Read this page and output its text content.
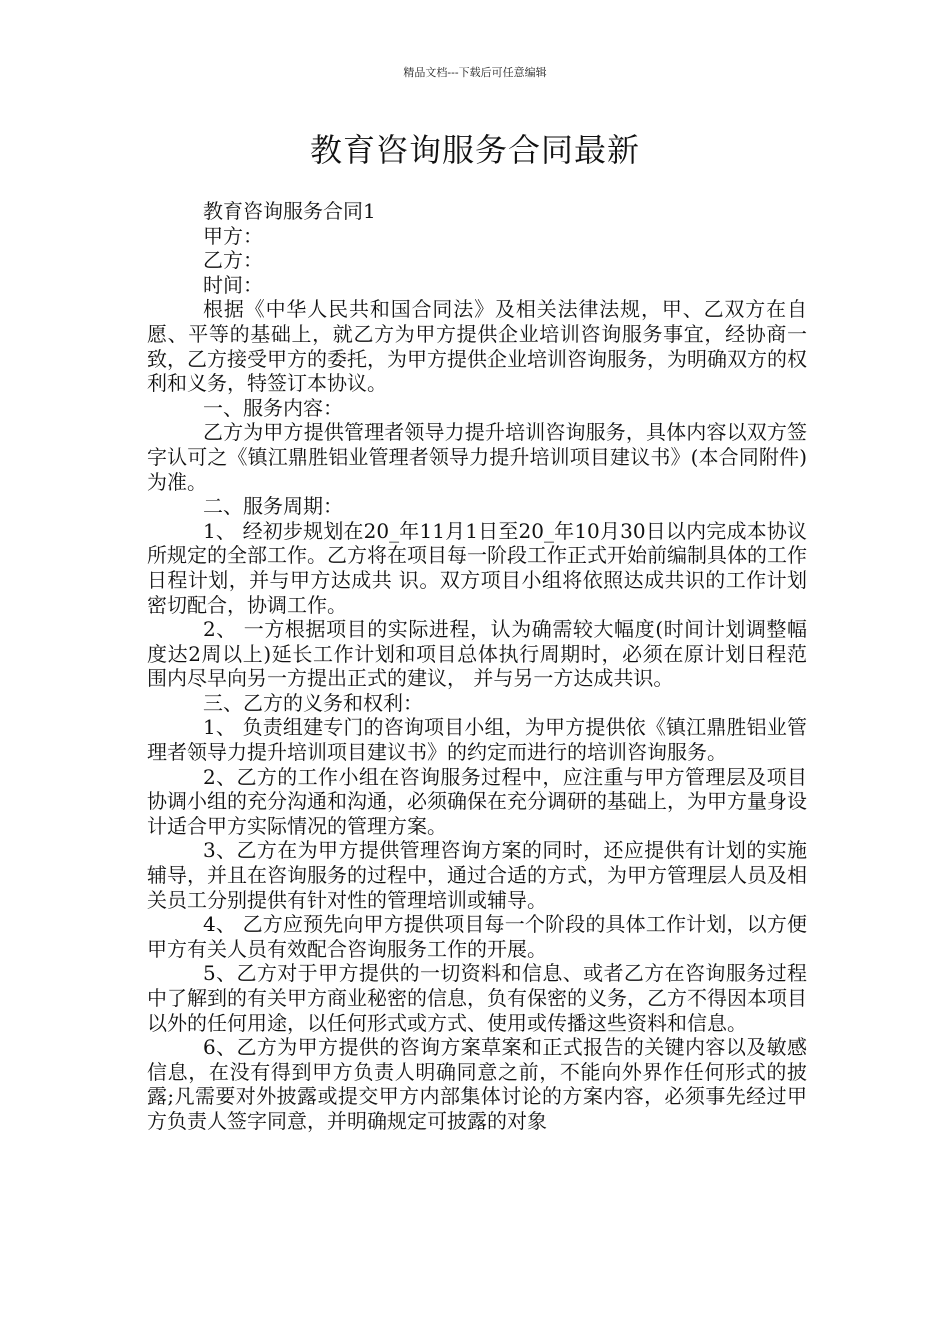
精品文档---下载后可任意编辑
教育咨询服务合同最新

教育咨询服务合同1

甲方：

乙方：

时间：

根据《中华人民共和国合同法》及相关法律法规，甲、乙双方在自愿、平等的基础上，就乙方为甲方提供企业培训咨询服务事宜，经协商一致，乙方接受甲方的委托，为甲方提供企业培训咨询服务，为明确双方的权利和义务，特签订本协议。

一、服务内容：

乙方为甲方提供管理者领导力提升培训咨询服务，具体内容以双方签字认可之《镇江鼎胜铝业管理者领导力提升培训项目建议书》(本合同附件)为准。

二、服务周期：

1、 经初步规划在20_年11月1日至20_年10月30日以内完成本协议所规定的全部工作。乙方将在项目每一阶段工作正式开始前编制具体的工作日程计划，并与甲方达成共 识。双方项目小组将依照达成共识的工作计划密切配合，协调工作。

2、 一方根据项目的实际进程，认为确需较大幅度(时间计划调整幅度达2周以上)延长工作计划和项目总体执行周期时，必须在原计划日程范围内尽早向另一方提出正式的建议， 并与另一方达成共识。

三、乙方的义务和权利：

1、 负责组建专门的咨询项目小组，为甲方提供依《镇江鼎胜铝业管理者领导力提升培训项目建议书》的约定而进行的培训咨询服务。

2、乙方的工作小组在咨询服务过程中，应注重与甲方管理层及项目协调小组的充分沟通和沟通，必须确保在充分调研的基础上，为甲方量身设计适合甲方实际情况的管理方案。

3、乙方在为甲方提供管理咨询方案的同时，还应提供有计划的实施辅导，并且在咨询服务的过程中，通过合适的方式，为甲方管理层人员及相关员工分别提供有针对性的管理培训或辅导。

4、 乙方应预先向甲方提供项目每一个阶段的具体工作计划，以方便甲方有关人员有效配合咨询服务工作的开展。

5、乙方对于甲方提供的一切资料和信息、或者乙方在咨询服务过程中了解到的有关甲方商业秘密的信息，负有保密的义务，乙方不得因本项目以外的任何用途，以任何形式或方式、使用或传播这些资料和信息。

6、乙方为甲方提供的咨询方案草案和正式报告的关键内容以及敏感信息，在没有得到甲方负责人明确同意之前，不能向外界作任何形式的披露;凡需要对外披露或提交甲方内部集体讨论的方案内容，必须事先经过甲方负责人签字同意，并明确规定可披露的对象
